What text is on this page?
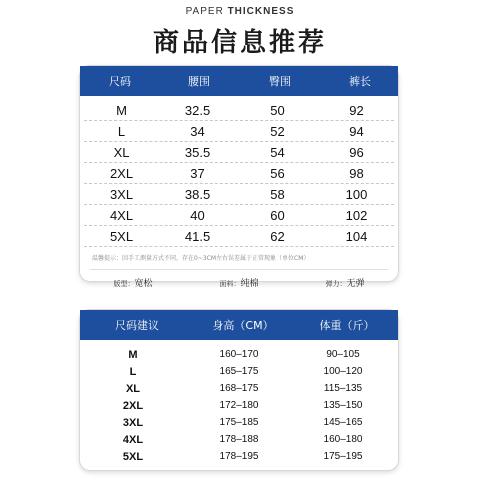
PAPER THICKNESS
商品信息推荐
尺码	腰围	臀围	裤长
M	32.5	50	92
L	34	52	94
XL	35.5	54	96
2XL	37	56	98
3XL	38.5	58	100
4XL	40	60	102
5XL	41.5	62	104
温馨提示：因手工测量方式不同，存在0~3CM左右误差属于正常现象（单位CM）
版型：宽松	面料：纯棉	弹力：无弹
尺码建议	身高（CM）	体重（斤）
M	160–170	90–105
L	165–175	100–120
XL	168–175	115–135
2XL	172–180	135–150
3XL	175–185	145–165
4XL	178–188	160–180
5XL	178–195	175–195
